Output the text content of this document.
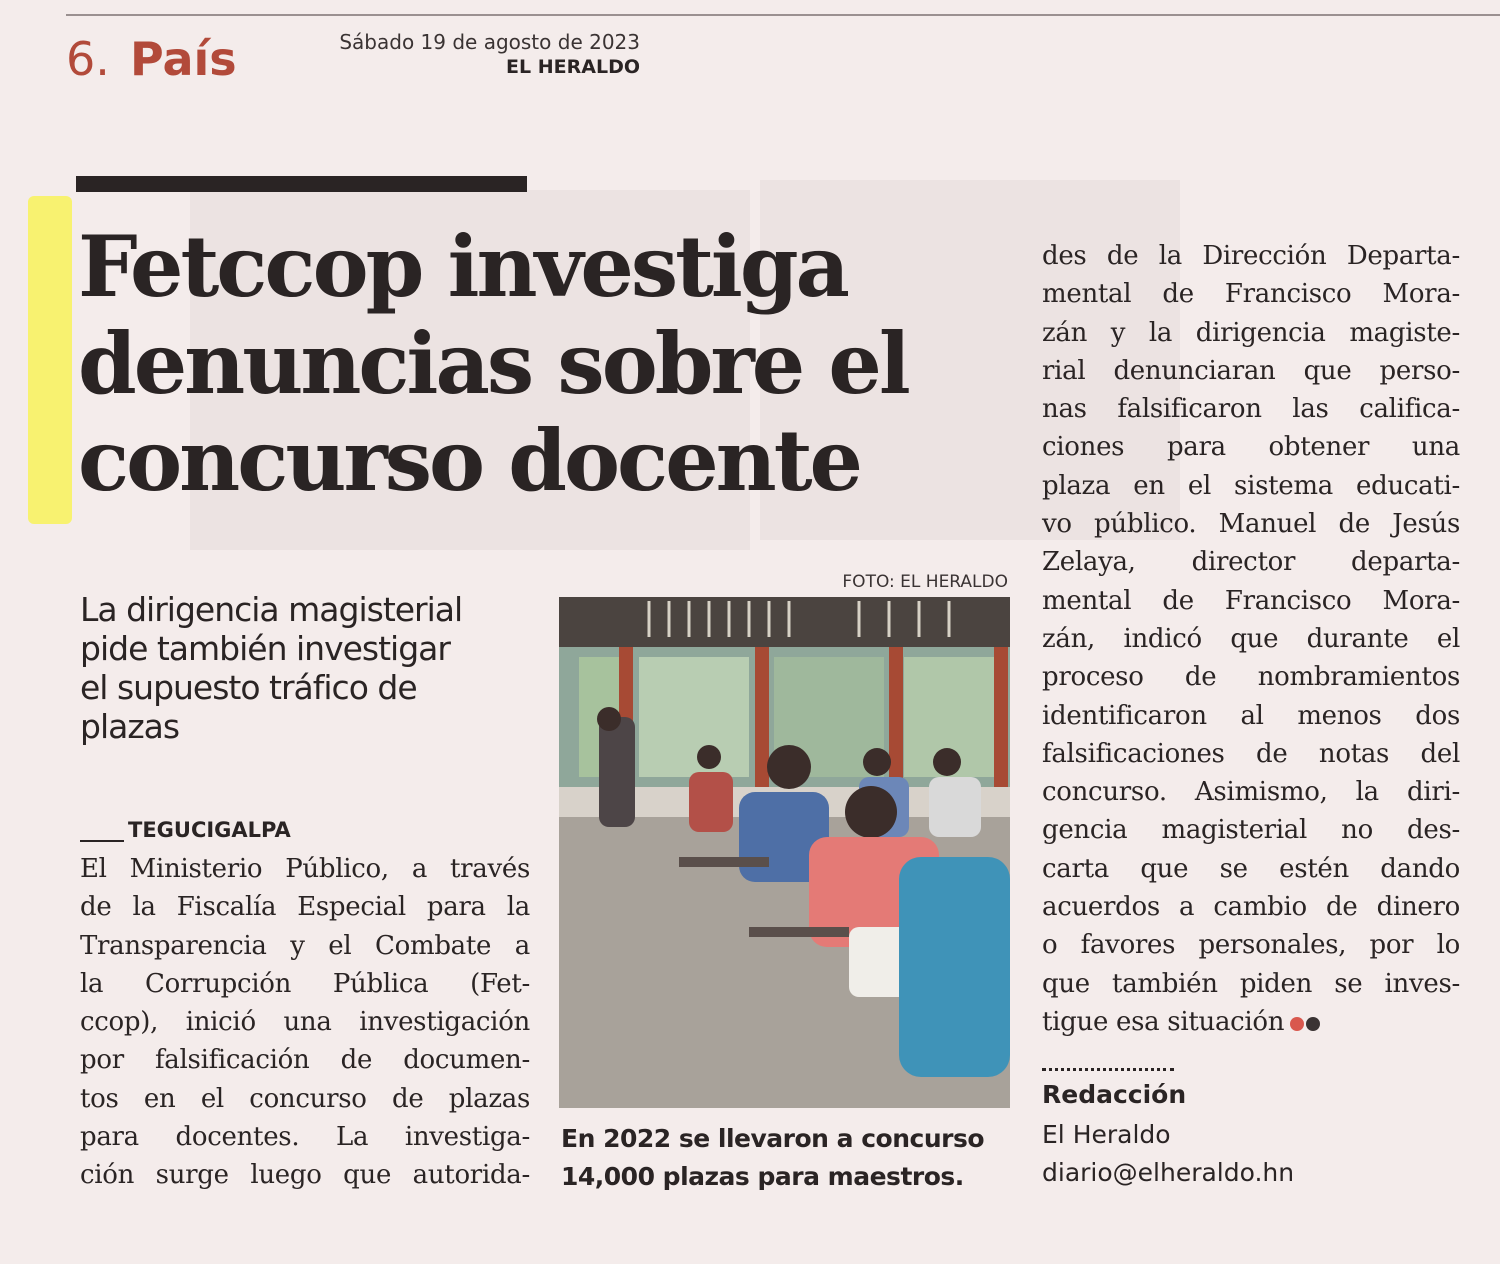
6. País	Sábado 19 de agosto de 2023
EL HERALDO
Fetccop investiga
denuncias sobre el
concurso docente
La dirigencia magisterial
pide también investigar
el supuesto tráfico de
plazas
TEGUCIGALPA
El Ministerio Público, a través
de la Fiscalía Especial para la
Transparencia y el Combate a
la Corrupción Pública (Fet-
ccop), inició una investigación
por falsificación de documen-
tos en el concurso de plazas
para docentes. La investiga-
ción surge luego que autorida-
FOTO: EL HERALDO
En 2022 se llevaron a concurso
14,000 plazas para maestros.
des de la Dirección Departa-
mental de Francisco Mora-
zán y la dirigencia magiste-
rial denunciaran que perso-
nas falsificaron las califica-
ciones para obtener una
plaza en el sistema educati-
vo público. Manuel de Jesús
Zelaya, director departa-
mental de Francisco Mora-
zán, indicó que durante el
proceso de nombramientos
identificaron al menos dos
falsificaciones de notas del
concurso. Asimismo, la diri-
gencia magisterial no des-
carta que se estén dando
acuerdos a cambio de dinero
o favores personales, por lo
que también piden se inves-
tigue esa situación
Redacción
El Heraldo
diario@elheraldo.hn
